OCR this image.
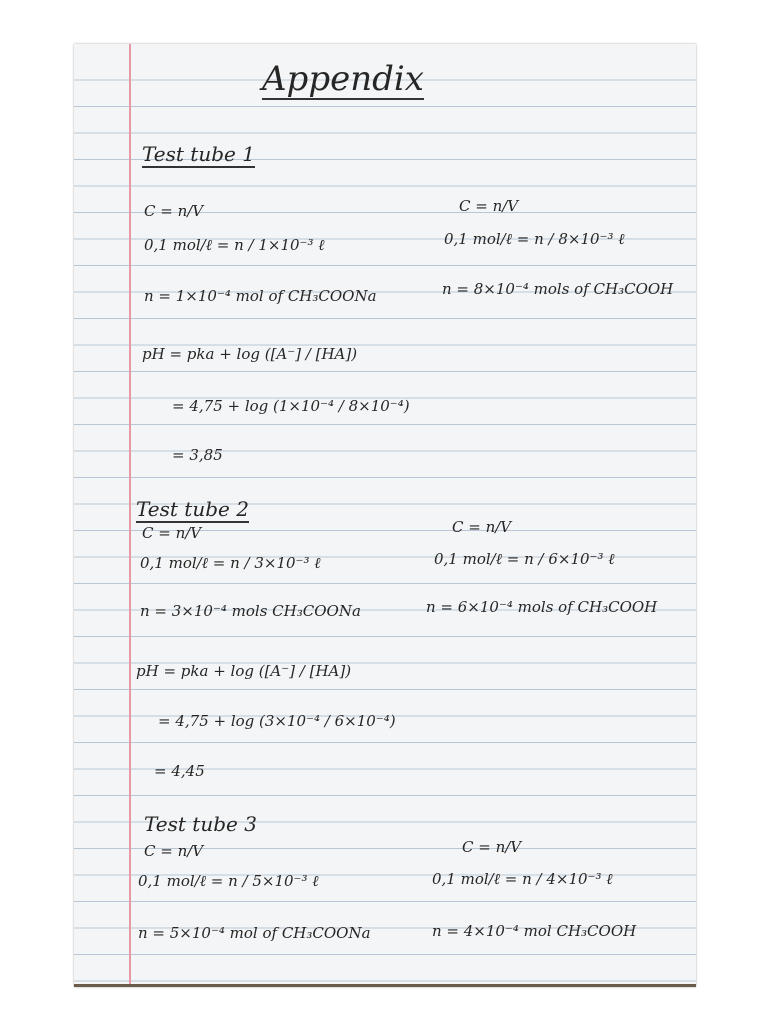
Appendix
Test tube 1
C = n/V
0,1 mol/ℓ = n / 1×10⁻³ ℓ
n = 1×10⁻⁴ mol of CH₃COONa
C = n/V
0,1 mol/ℓ = n / 8×10⁻³ ℓ
n = 8×10⁻⁴ mols of CH₃COOH
pH = pka + log ([A⁻] / [HA])
= 4,75 + log (1×10⁻⁴ / 8×10⁻⁴)
= 3,85
Test tube 2
C = n/V
0,1 mol/ℓ = n / 3×10⁻³ ℓ
n = 3×10⁻⁴ mols CH₃COONa
C = n/V
0,1 mol/ℓ = n / 6×10⁻³ ℓ
n = 6×10⁻⁴ mols of CH₃COOH
pH = pka + log ([A⁻] / [HA])
= 4,75 + log (3×10⁻⁴ / 6×10⁻⁴)
= 4,45
Test tube 3
C = n/V
0,1 mol/ℓ = n / 5×10⁻³ ℓ
n = 5×10⁻⁴ mol of CH₃COONa
C = n/V
0,1 mol/ℓ = n / 4×10⁻³ ℓ
n = 4×10⁻⁴ mol CH₃COOH
